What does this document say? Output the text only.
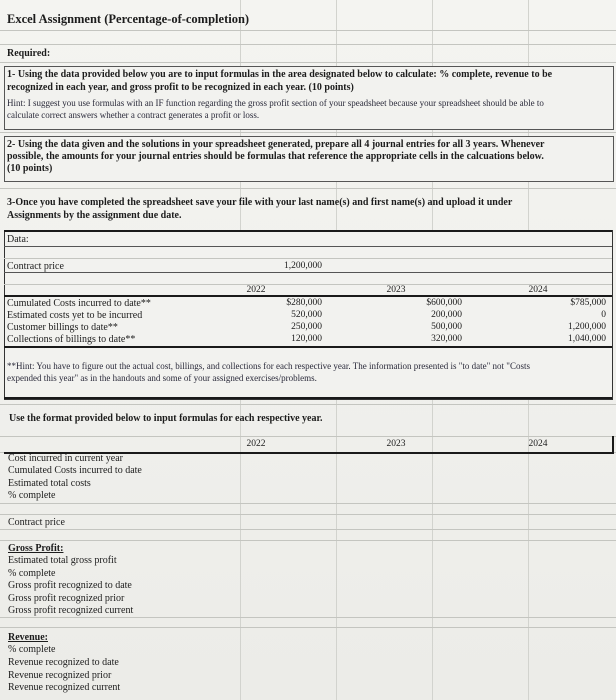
Excel Assignment (Percentage-of-completion)
Required:
1- Using the data provided below you are to input formulas in the area designated below to calculate: % complete, revenue to be
recognized in each year, and gross profit to be recognized in each year. (10 points)
Hint: I suggest you use formulas with an IF function regarding the gross profit section of your speadsheet because your spreadsheet should be able to
calculate correct answers whether a contract generates a profit or loss.
2- Using the data given and the solutions in your spreadsheet generated, prepare all 4 journal entries for all 3 years. Whenever
possible, the amounts for your journal entries should be formulas that reference the appropriate cells in the calcuations below.
(10 points)
3-Once you have completed the spreadsheet save your file with your last name(s) and first name(s) and upload it under
Assignments by the assignment due date.
Data:
Contract price	1,200,000
2022	2023	2024
Cumulated Costs incurred to date**	$280,000	$600,000	$785,000
Estimated costs yet to be incurred	520,000	200,000	0
Customer billings to date**	250,000	500,000	1,200,000
Collections of billings to date**	120,000	320,000	1,040,000
**Hint: You have to figure out the actual cost, billings, and collections for each respective year. The information presented is "to date" not "Costs
expended this year" as in the handouts and some of your assigned exercises/problems.
Use the format provided below to input formulas for each respective year.
2022	2023	2024
Cost incurred in current year
Cumulated Costs incurred to date
Estimated total costs
% complete
Contract price
Gross Profit:
Estimated total gross profit
% complete
Gross profit recognized to date
Gross profit recognized prior
Gross profit recognized current
Revenue:
% complete
Revenue recognized to date
Revenue recognized prior
Revenue recognized current
